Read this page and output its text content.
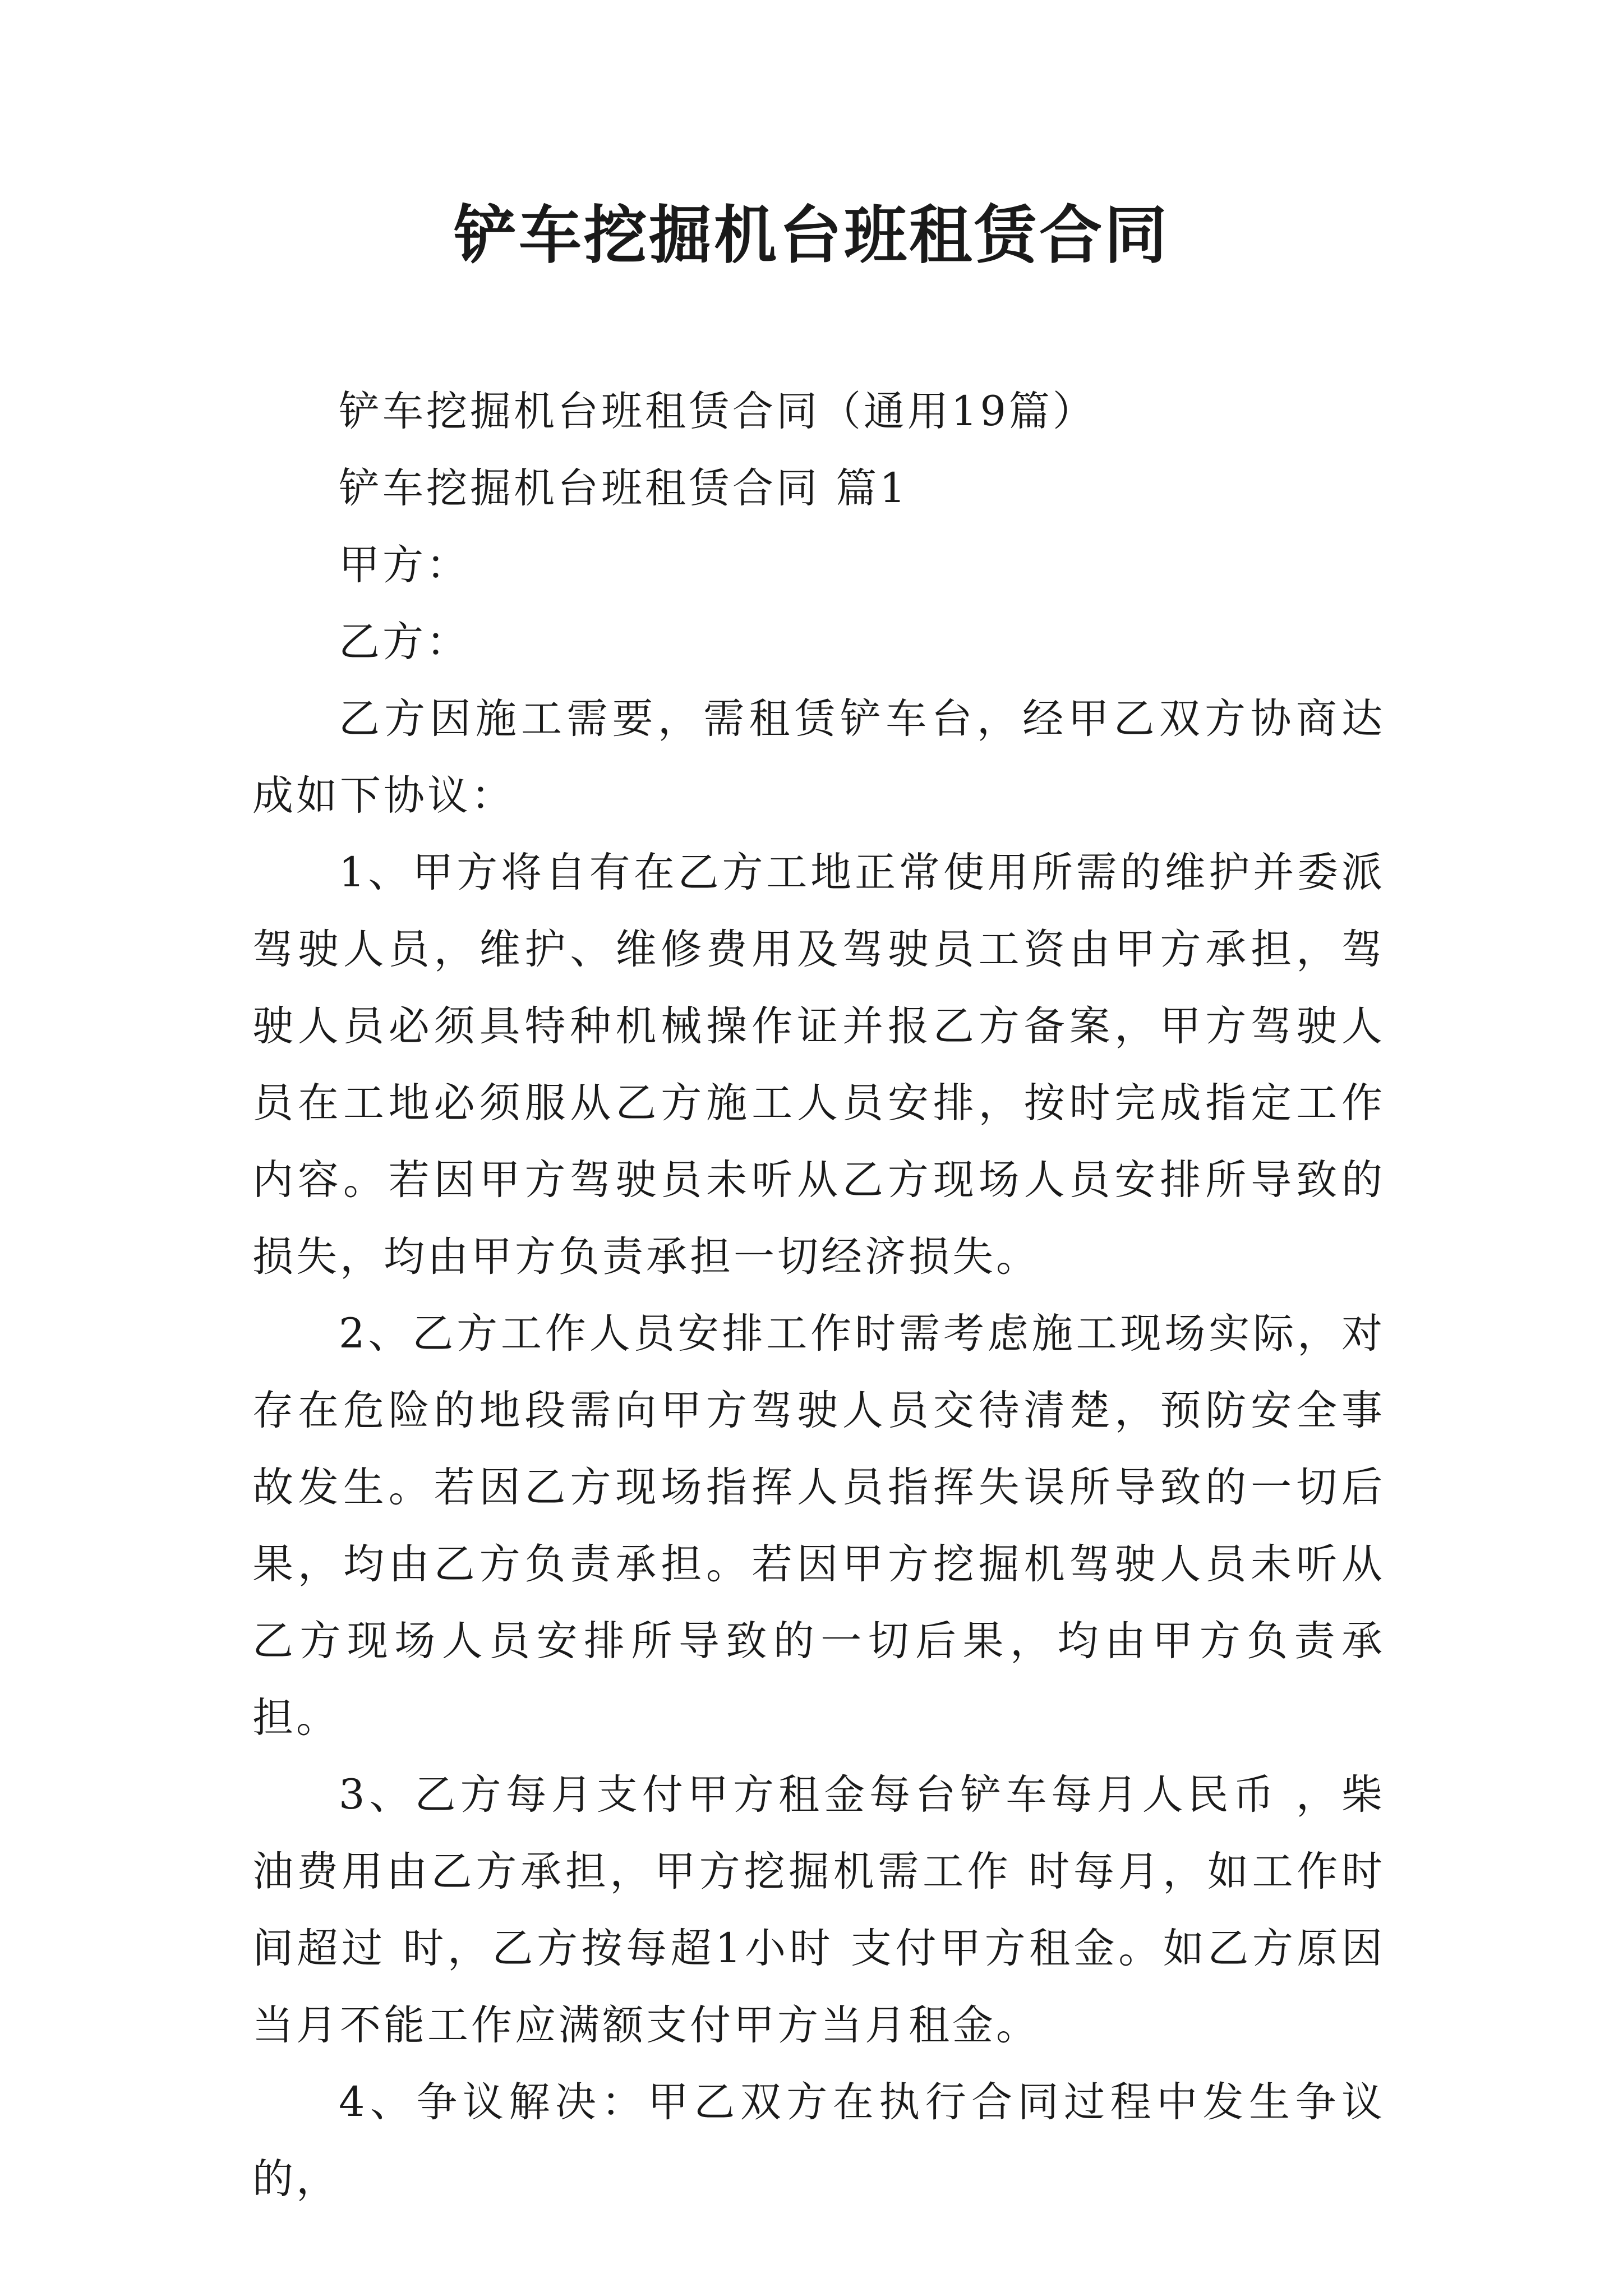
铲车挖掘机台班租赁合同

铲车挖掘机台班租赁合同（通用19篇）

铲车挖掘机台班租赁合同 篇1

甲方：

乙方：

乙方因施工需要，需租赁铲车台，经甲乙双方协商达成如下协议：

1、甲方将自有在乙方工地正常使用所需的维护并委派驾驶人员，维护、维修费用及驾驶员工资由甲方承担，驾驶人员必须具特种机械操作证并报乙方备案，甲方驾驶人员在工地必须服从乙方施工人员安排，按时完成指定工作内容。若因甲方驾驶员未听从乙方现场人员安排所导致的损失，均由甲方负责承担一切经济损失。

2、乙方工作人员安排工作时需考虑施工现场实际，对存在危险的地段需向甲方驾驶人员交待清楚，预防安全事故发生。若因乙方现场指挥人员指挥失误所导致的一切后果，均由乙方负责承担。若因甲方挖掘机驾驶人员未听从乙方现场人员安排所导致的一切后果，均由甲方负责承担。

3、乙方每月支付甲方租金每台铲车每月人民币 ，柴油费用由乙方承担，甲方挖掘机需工作 时每月，如工作时间超过 时，乙方按每超1小时 支付甲方租金。如乙方原因当月不能工作应满额支付甲方当月租金。

4、争议解决：甲乙双方在执行合同过程中发生争议的，
